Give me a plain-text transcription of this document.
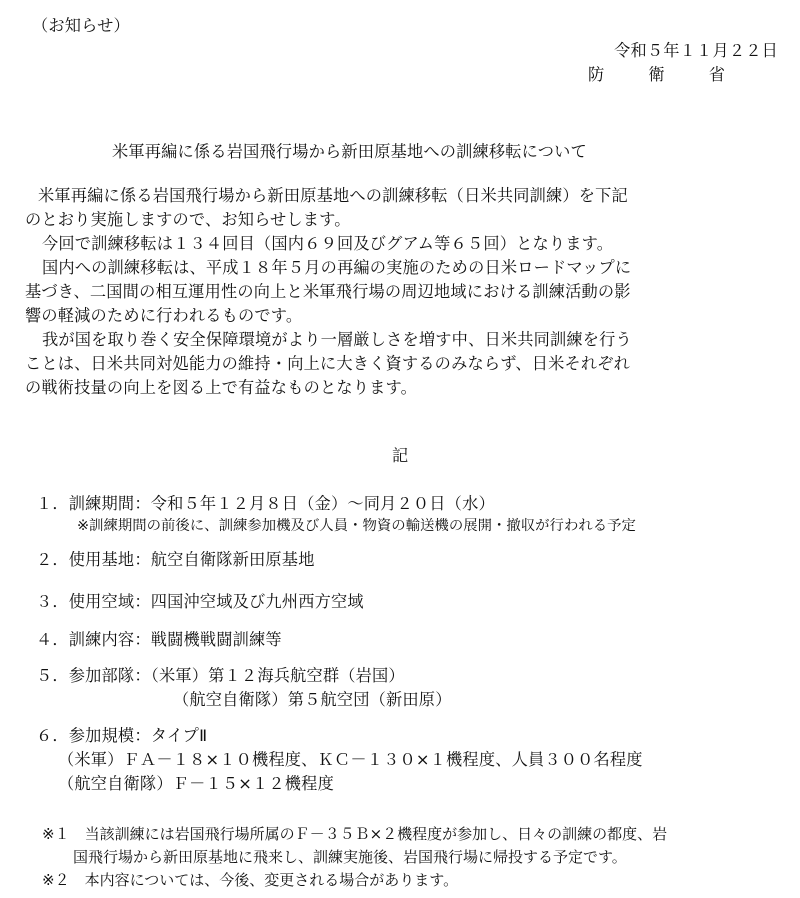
（お知らせ）
令和５年１１月２２日
防　衛　省
米軍再編に係る岩国飛行場から新田原基地への訓練移転について
米軍再編に係る岩国飛行場から新田原基地への訓練移転（日米共同訓練）を下記
のとおり実施しますので、お知らせします。
今回で訓練移転は１３４回目（国内６９回及びグアム等６５回）となります。
国内への訓練移転は、平成１８年５月の再編の実施のための日米ロードマップに
基づき、二国間の相互運用性の向上と米軍飛行場の周辺地域における訓練活動の影
響の軽減のために行われるものです。
我が国を取り巻く安全保障環境がより一層厳しさを増す中、日米共同訓練を行う
ことは、日米共同対処能力の維持・向上に大きく資するのみならず、日米それぞれ
の戦術技量の向上を図る上で有益なものとなります。
記
１．訓練期間：令和５年１２月８日（金）～同月２０日（水）
※訓練期間の前後に、訓練参加機及び人員・物資の輸送機の展開・撤収が行われる予定
２．使用基地：航空自衛隊新田原基地
３．使用空域：四国沖空域及び九州西方空域
４．訓練内容：戦闘機戦闘訓練等
５．参加部隊：（米軍）第１２海兵航空群（岩国）
（航空自衛隊）第５航空団（新田原）
６．参加規模：タイプⅡ
（米軍）ＦＡ－１８×１０機程度、ＫＣ－１３０×１機程度、人員３００名程度
（航空自衛隊）Ｆ－１５×１２機程度
※１　当該訓練には岩国飛行場所属のＦ－３５Ｂ×２機程度が参加し、日々の訓練の都度、岩
国飛行場から新田原基地に飛来し、訓練実施後、岩国飛行場に帰投する予定です。
※２　本内容については、今後、変更される場合があります。
